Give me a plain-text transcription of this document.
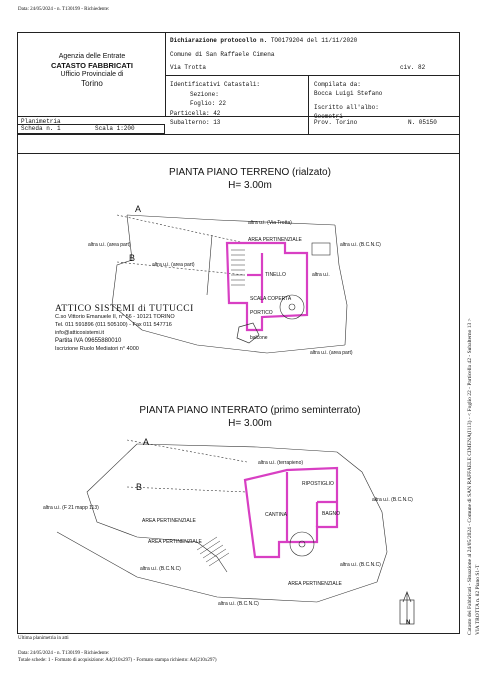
Data: 24/05/2024 - n. T130199 - Richiedente:
Agenzia delle Entrate
CATASTO FABBRICATI
Ufficio Provinciale di
Torino
Dichiarazione protocollo n. TO0179204 del 11/11/2020
Comune di San Raffaele Cimena
Via Trotta	civ. 82
Identificativi Catastali:
Sezione:
Foglio: 22
Particella: 42
Subalterno: 13
Compilata da:
Bocca Luigi Stefano
Iscritto all'albo:
Geometri
Prov. Torino	N. 05150
Planimetria
Scheda n. 1	Scala 1:200
PIANTA PIANO TERRENO (rialzato)
H= 3.00m
A
B
altra u.i. (Via Trotta)
AREA PERTINENZIALE
altra u.i. (area part)
altra u.i. (area part)
altra u.i. (B.C.N.C)
altra u.i.
TINELLO
SCALA COPERTA
PORTICO
balcone
altra u.i. (area part)
ATTICO SISTEMI di TUTUCCI
C.so Vittorio Emanuele II, n° 56 - 10121 TORINO
Tel. 011 591896 (011 505100) - Fax 011 547716
info@atticosistemi.it
Partita IVA 09655880010
Iscrizione Ruolo Mediatori n° 4000
PIANTA PIANO INTERRATO (primo seminterrato)
H= 3.00m
A
B
altra u.i. (terrapieno)
RIPOSTIGLIO
altra u.i. (B.C.N.C)
altra u.i. (F 21 mapp 113)
CANTINA	BAGNO
AREA PERTINENZIALE
AREA PERTINENZIALE
altra u.i. (B.C.N.C)
altra u.i. (B.C.N.C)
AREA PERTINENZIALE
altra u.i. (B.C.N.C)
N	Catasto dei Fabbricati - Situazione al 24/05/2024 - Comune di SAN RAFFAELE CIMENA(I113) - < Foglio 22 - Particella 42 - Subalterno 13 > VIA TROTTA n. 82 Piano S1-T
Ultima planimetria in atti
Data: 24/05/2024 - n. T130199 - Richiedente:
Totale schede: 1 - Formato di acquisizione: A4(210x297) - Formato stampa richiesto: A4(210x297)
